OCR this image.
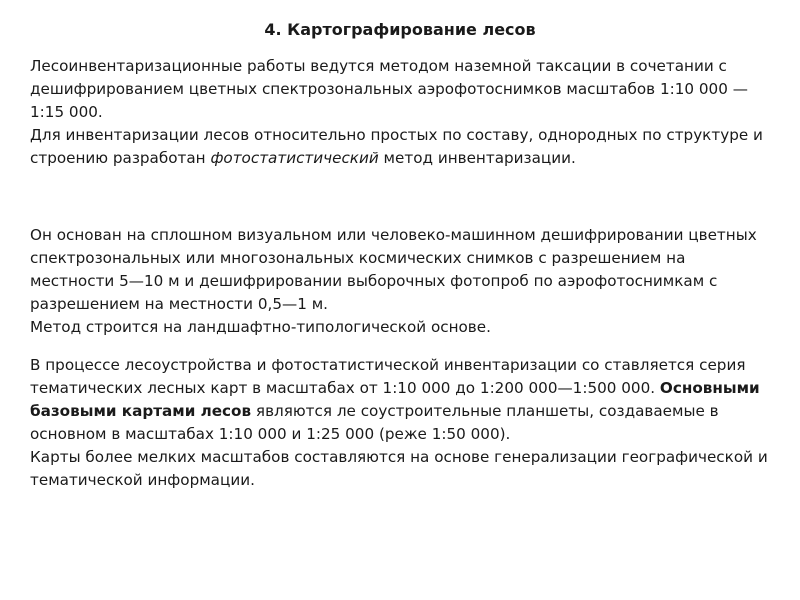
4. Картографирование лесов

Лесоинвентаризационные работы ведутся методом наземной таксации в сочетании с дешифрированием цветных спектрозональных аэрофотоснимков масштабов 1:10 000 — 1:15 000.

Для инвентаризации лесов относительно простых по составу, однородных по структуре и строению разработан фотостатистический метод инвентаризации.

Он основан на сплошном визуальном или человеко-машинном дешифрировании цветных спектрозональных или многозональных космических снимков с разрешением на местности 5—10 м и дешифрировании выборочных фотопроб по аэрофотоснимкам с разрешением на местности 0,5—1 м.

Метод строится на ландшафтно-типологической основе.

В процессе лесоустройства и фотостатистической инвентаризации со ставляется серия тематических лесных карт в масштабах от 1:10 000 до 1:200 000—1:500 000. Основными базовыми картами лесов являются ле соустроительные планшеты, создаваемые в основном в масштабах 1:10 000 и 1:25 000 (реже 1:50 000).

Карты более мелких масштабов составляются на основе генерализации географической и тематической информации.
